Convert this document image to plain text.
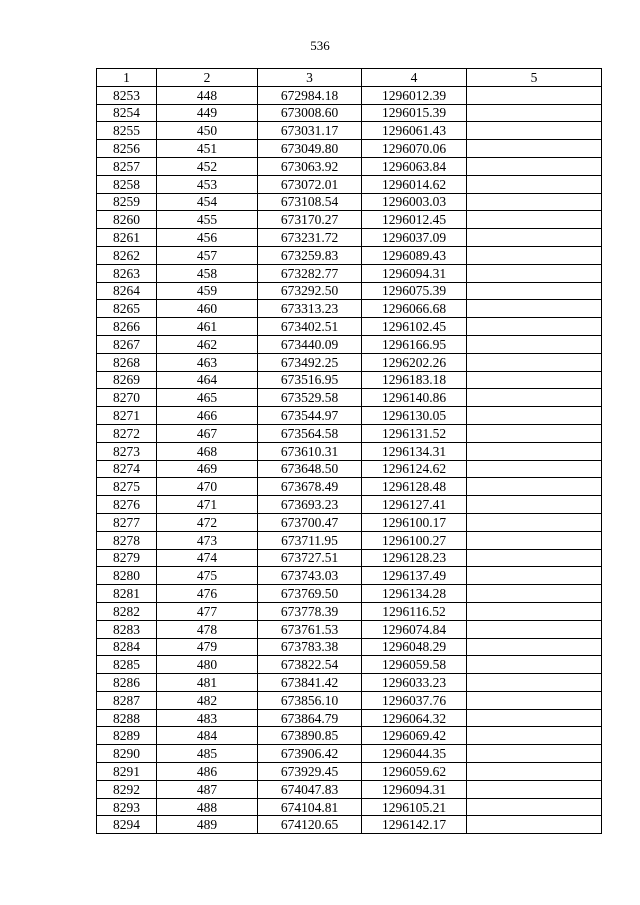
536
1	2	3	4	5
8253	448	672984.18	1296012.39	
8254	449	673008.60	1296015.39	
8255	450	673031.17	1296061.43	
8256	451	673049.80	1296070.06	
8257	452	673063.92	1296063.84	
8258	453	673072.01	1296014.62	
8259	454	673108.54	1296003.03	
8260	455	673170.27	1296012.45	
8261	456	673231.72	1296037.09	
8262	457	673259.83	1296089.43	
8263	458	673282.77	1296094.31	
8264	459	673292.50	1296075.39	
8265	460	673313.23	1296066.68	
8266	461	673402.51	1296102.45	
8267	462	673440.09	1296166.95	
8268	463	673492.25	1296202.26	
8269	464	673516.95	1296183.18	
8270	465	673529.58	1296140.86	
8271	466	673544.97	1296130.05	
8272	467	673564.58	1296131.52	
8273	468	673610.31	1296134.31	
8274	469	673648.50	1296124.62	
8275	470	673678.49	1296128.48	
8276	471	673693.23	1296127.41	
8277	472	673700.47	1296100.17	
8278	473	673711.95	1296100.27	
8279	474	673727.51	1296128.23	
8280	475	673743.03	1296137.49	
8281	476	673769.50	1296134.28	
8282	477	673778.39	1296116.52	
8283	478	673761.53	1296074.84	
8284	479	673783.38	1296048.29	
8285	480	673822.54	1296059.58	
8286	481	673841.42	1296033.23	
8287	482	673856.10	1296037.76	
8288	483	673864.79	1296064.32	
8289	484	673890.85	1296069.42	
8290	485	673906.42	1296044.35	
8291	486	673929.45	1296059.62	
8292	487	674047.83	1296094.31	
8293	488	674104.81	1296105.21	
8294	489	674120.65	1296142.17	
